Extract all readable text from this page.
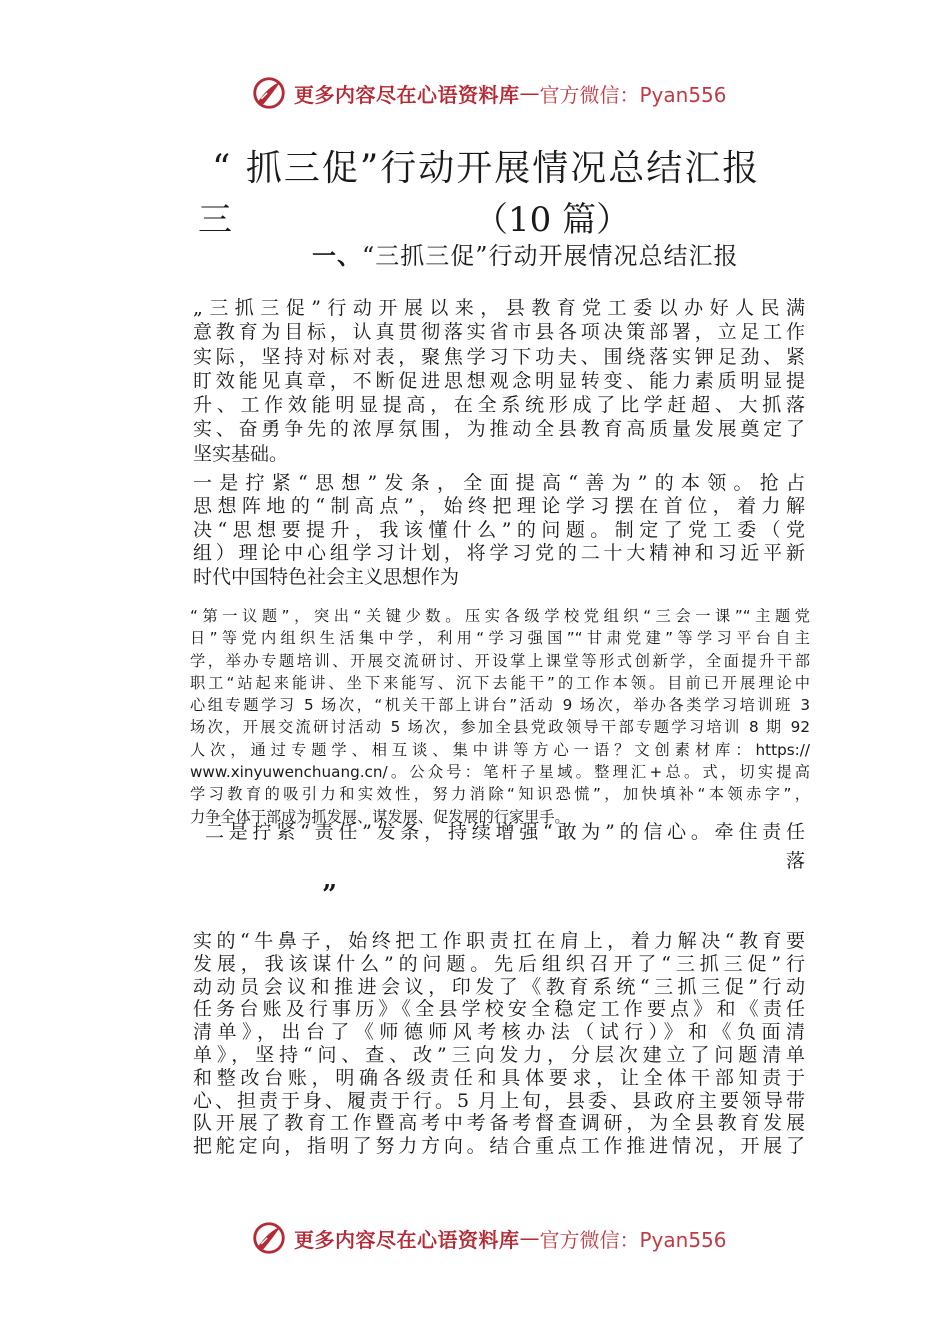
更多内容尽在心语资料库 — 官方微信：Pyan556
“ 抓三促”行动开展情况总结汇报
三	（10 篇）
一、“三抓三促”行动开展情况总结汇报
„三抓三促”行动开展以来，县教育党工委以办好人民满
意教育为目标，认真贯彻落实省市县各项决策部署，立足工作
实际，坚持对标对表，聚焦学习下功夫、围绕落实钾足劲、紧
盯效能见真章，不断促进思想观念明显转变、能力素质明显提
升、工作效能明显提高，在全系统形成了比学赶超、大抓落
实、奋勇争先的浓厚氛围，为推动全县教育高质量发展奠定了
坚实基础。
一是拧紧“思想”发条，全面提高“善为”的本领。抢占
思想阵地的“制高点”，始终把理论学习摆在首位，着力解
决“思想要提升，我该懂什么”的问题。制定了党工委（党
组）理论中心组学习计划，将学习党的二十大精神和习近平新
时代中国特色社会主义思想作为
“第一议题”，突出“关键少数。压实各级学校党组织“三会一课”“主题党
日”等党内组织生活集中学，利用“学习强国”“甘肃党建”等学习平台自主
学，举办专题培训、开展交流研讨、开设掌上课堂等形式创新学，全面提升干部
职工“站起来能讲、坐下来能写、沉下去能干”的工作本领。目前已开展理论中
心组专题学习 5 场次，“机关干部上讲台”活动 9 场次，举办各类学习培训班 3
场次，开展交流研讨活动 5 场次，参加全县党政领导干部专题学习培训 8 期 92
人次，通过专题学、相互谈、集中讲等方心一语？文创素材库：https://
www.xinyuwenchuang.cn/。公众号：笔杆子星域。整理汇+总。式，切实提高
学习教育的吸引力和实效性，努力消除“知识恐慌”，加快填补“本领赤字”，
力争全体干部成为抓发展、谋发展、促发展的行家里手。
二是拧紧“责任”发条，持续增强“敢为”的信心。牵住责任
落
”
实的“牛鼻子，始终把工作职责扛在肩上，着力解决“教育要
发展，我该谋什么”的问题。先后组织召开了“三抓三促”行
动动员会议和推进会议，印发了《教育系统“三抓三促”行动
任务台账及行事历》《全县学校安全稳定工作要点》和《责任
清单》，出台了《师德师风考核办法（试行）》和《负面清
单》，坚持“问、查、改”三向发力，分层次建立了问题清单
和整改台账，明确各级责任和具体要求，让全体干部知责于
心、担责于身、履责于行。5 月上旬，县委、县政府主要领导带
队开展了教育工作暨高考中考备考督查调研，为全县教育发展
把舵定向，指明了努力方向。结合重点工作推进情况，开展了
更多内容尽在心语资料库 — 官方微信：Pyan556
